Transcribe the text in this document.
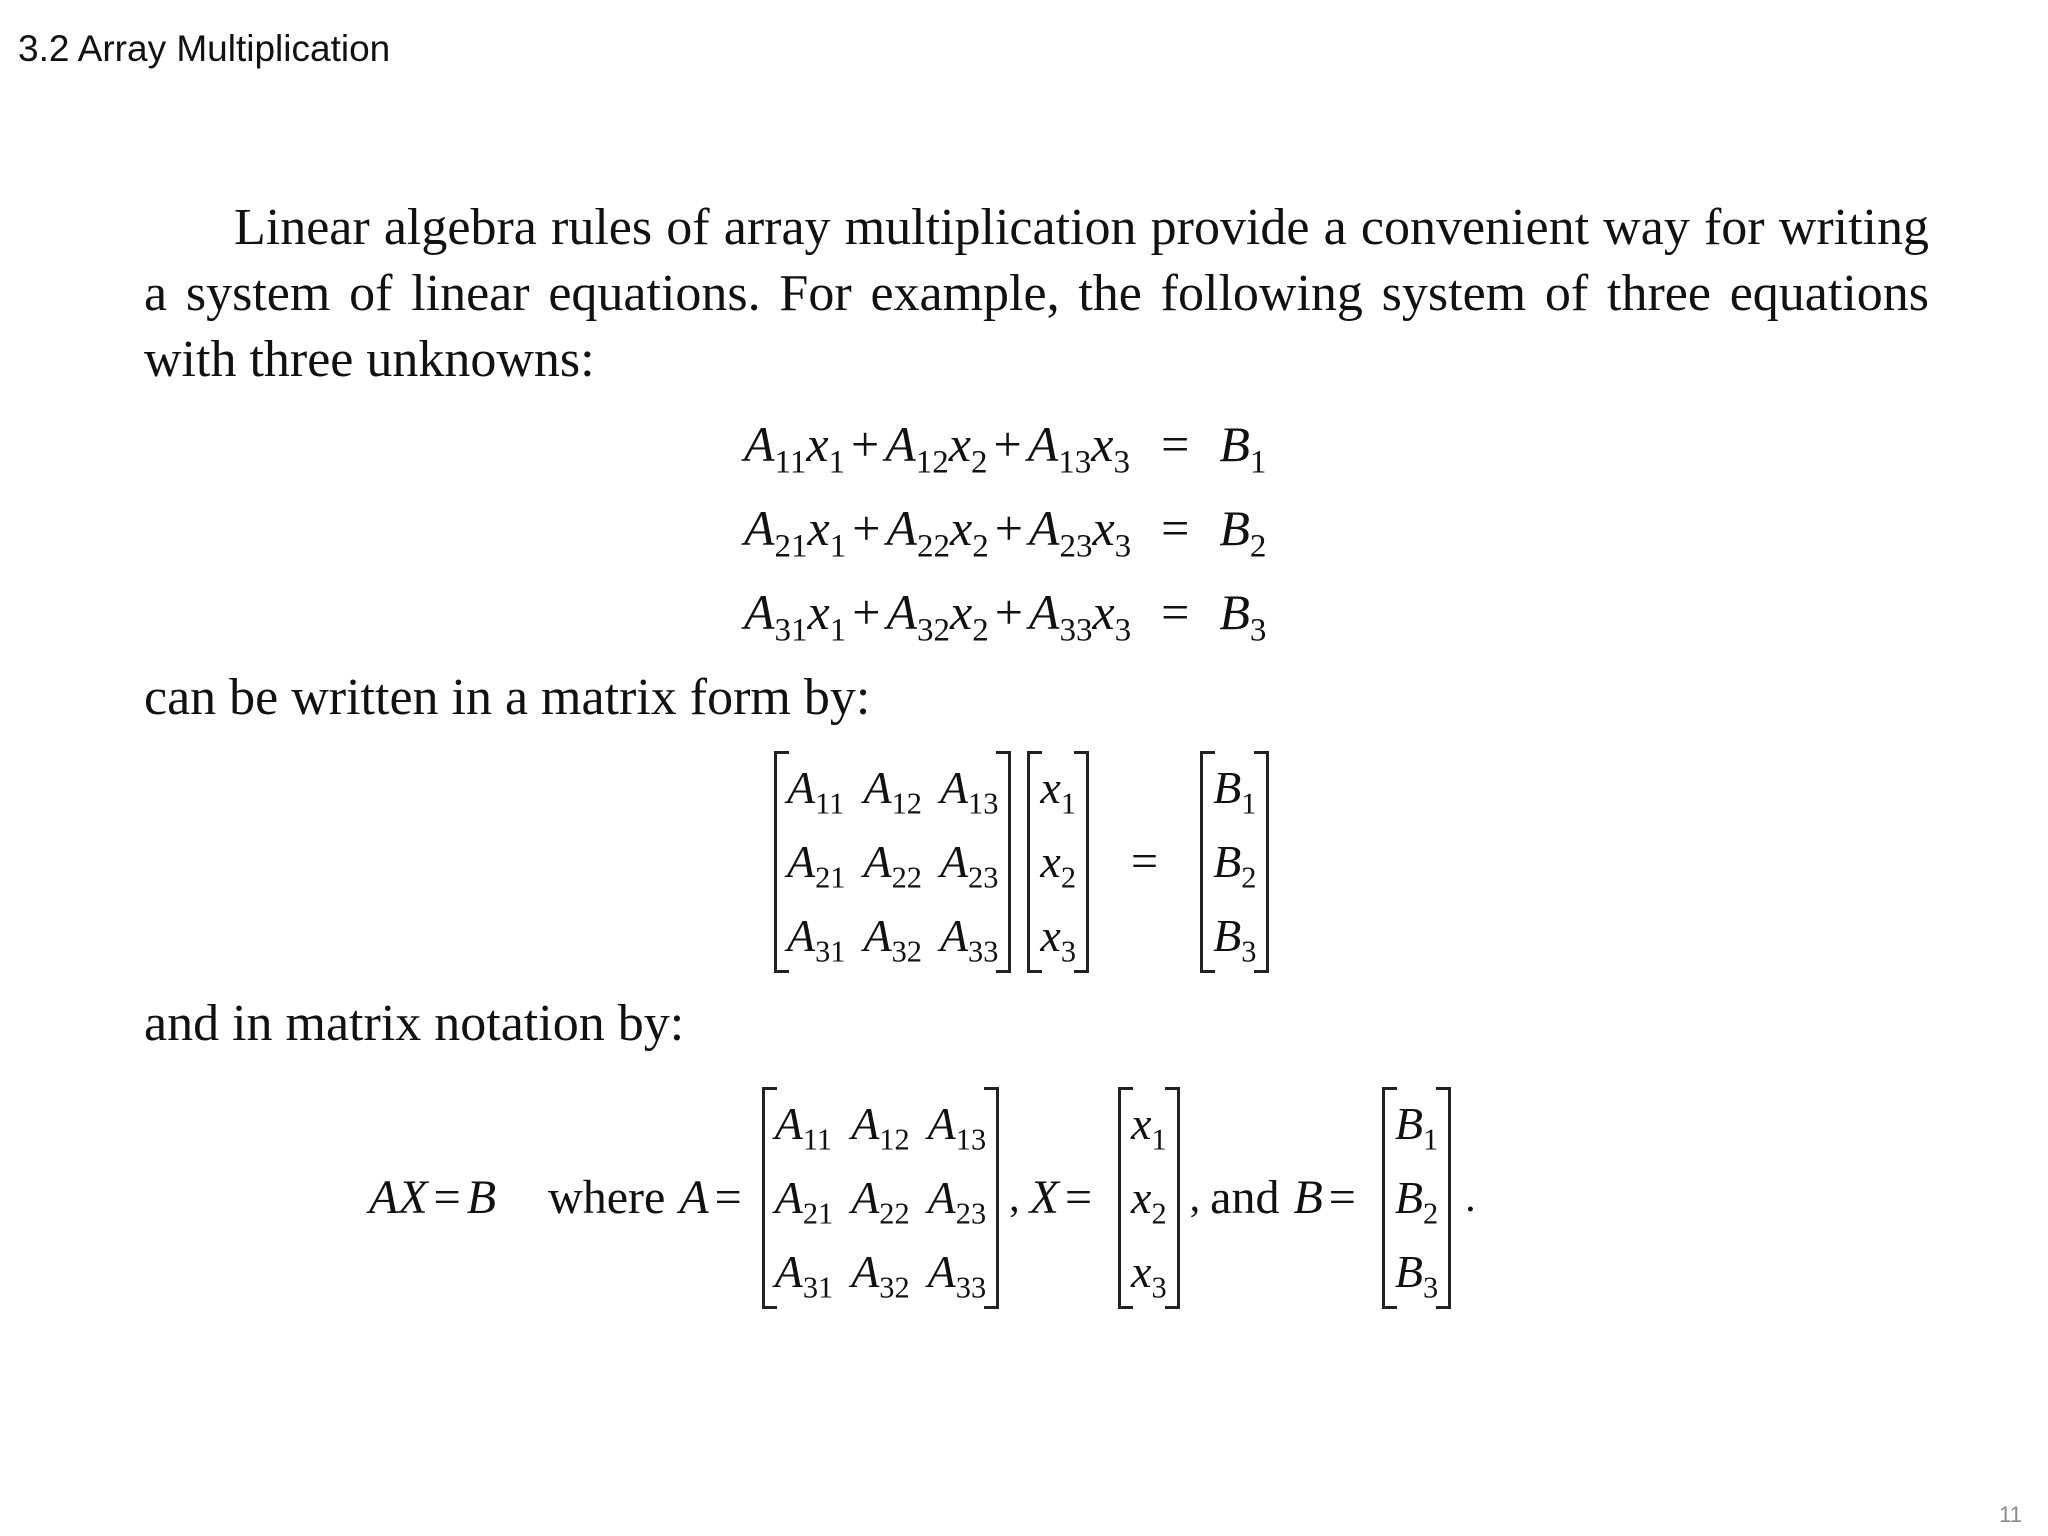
3.2 Array Multiplication

Linear algebra rules of array multiplication provide a convenient way for writing a system of linear equations. For example, the following system of three equations with three unknowns:

$A_{11}x_1 + A_{12}x_2 + A_{13}x_3 = B_1$
$A_{21}x_1 + A_{22}x_2 + A_{23}x_3 = B_2$
$A_{31}x_1 + A_{32}x_2 + A_{33}x_3 = B_3$

can be written in a matrix form by:

$A_{11}$ $A_{12}$ $A_{13}$
$A_{21}$ $A_{22}$ $A_{23}$
$A_{31}$ $A_{32}$ $A_{33}$
$x_1$
$x_2$
$x_3$
=
$B_1$
$B_2$
$B_3$

and in matrix notation by:

AX = B where A =
$A_{11}$ $A_{12}$ $A_{13}$
$A_{21}$ $A_{22}$ $A_{23}$
$A_{31}$ $A_{32}$ $A_{33}$
, X =
$x_1$
$x_2$
$x_3$
, and B =
$B_1$
$B_2$
$B_3$
.
11
